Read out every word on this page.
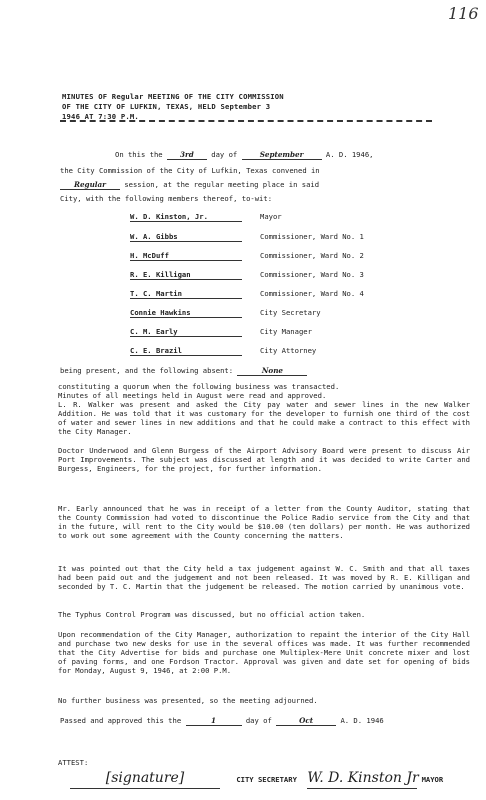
116
MINUTES OF Regular MEETING OF THE CITY COMMISSION
OF THE CITY OF LUFKIN, TEXAS, HELD September 3
1946 AT 7:30 P.M.
On this the 3rd day of	September	A. D. 1946,
the City Commission of the City of Lufkin, Texas convened in
Regular	session, at the regular meeting place in said
City, with the following members thereof, to-wit:
W. D. Kinston, Jr.	Mayor
W. A. Gibbs	Commissioner, Ward No. 1
H. McDuff	Commissioner, Ward No. 2
R. E. Killigan	Commissioner, Ward No. 3
T. C. Martin	Commissioner, Ward No. 4
Connie Hawkins	City Secretary
C. M. Early	City Manager
C. E. Brazil	City Attorney
being present, and the following absent:	None
constituting a quorum when the following business was transacted.
Minutes of all meetings held in August were read and approved.
L. R. Walker was present and asked the City pay water and sewer lines in the new Walker Addition. He was told that it was customary for the developer to furnish one third of the cost of water and sewer lines in new additions and that he could make a contract to this effect with the City Manager.
Doctor Underwood and Glenn Burgess of the Airport Advisory Board were present to discuss Air Port Improvements. The subject was discussed at length and it was decided to write Carter and Burgess, Engineers, for the project, for further information.
Mr. Early announced that he was in receipt of a letter from the County Auditor, stating that the County Commission had voted to discontinue the Police Radio service from the City and that in the future, will rent to the City would be $10.00 (ten dollars) per month. He was authorized to work out some agreement with the County concerning the matters.
It was pointed out that the City held a tax judgement against W. C. Smith and that all taxes had been paid out and the judgement and not been released. It was moved by R. E. Killigan and seconded by T. C. Martin that the judgement be released. The motion carried by unanimous vote.
The Typhus Control Program was discussed, but no official action taken.
Upon recommendation of the City Manager, authorization to repaint the interior of the City Hall and purchase two new desks for use in the several offices was made. It was further recommended that the City Advertise for bids and purchase one Multiplex-Mere Unit concrete mixer and lost of paving forms, and one Fordson Tractor. Approval was given and date set for opening of bids for Monday, August 9, 1946, at 2:00 P.M.
No further business was presented, so the meeting adjourned.
Passed and approved this the	1	day of	Oct	A. D. 1946
ATTEST:
[signature]	CITY SECRETARY W. D. Kinston Jr MAYOR
